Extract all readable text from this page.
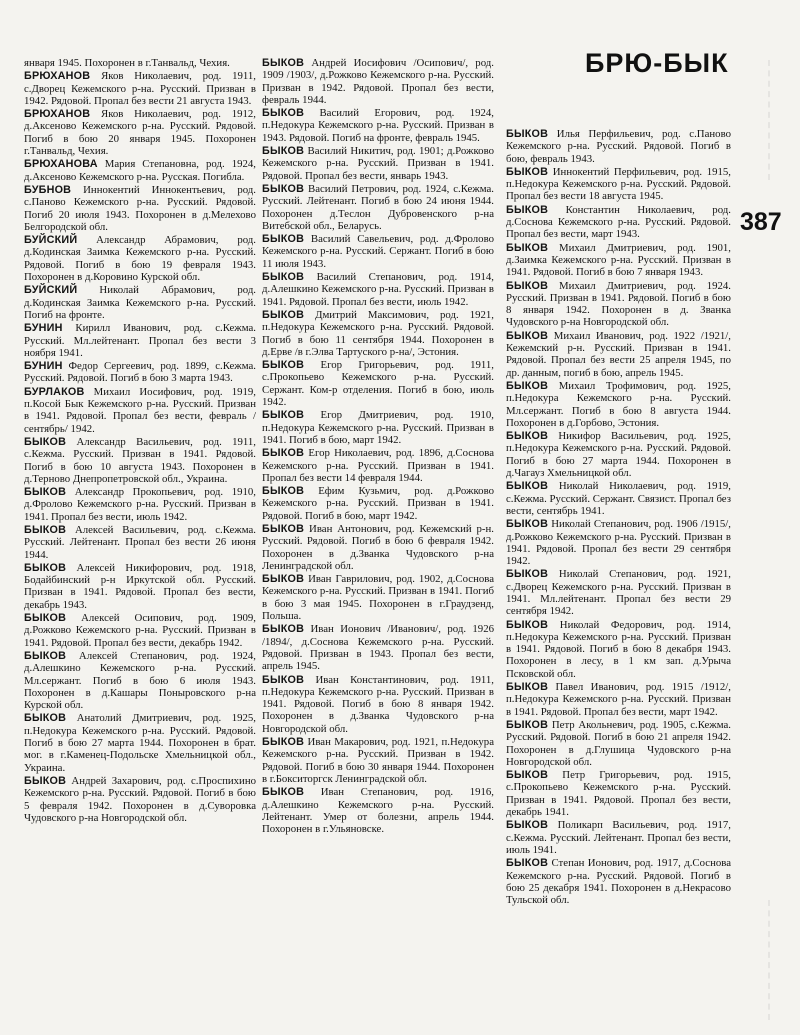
БРЮ-БЫК
387
января 1945. Похоронен в г.Танвальд, Чехия.
БРЮХАНОВ Яков Николаевич, род. 1911, с.Дворец Кежемского р-на. Русский. Призван в 1942. Рядовой. Пропал без вести 21 августа 1943.
БРЮХАНОВ Яков Николаевич, род. 1912, д.Аксеново Кежемского р-на. Русский. Рядовой. Погиб в бою 20 января 1945. Похоронен г.Танвальд, Чехия.
БРЮХАНОВА Мария Степановна, род. 1924, д.Аксеново Кежемского р-на. Русская. Погибла.
БУБНОВ Иннокентий Иннокентьевич, род. с.Паново Кежемского р-на. Русский. Рядовой. Погиб 20 июля 1943. Похоронен в д.Мелехово Белгородской обл.
БУЙСКИЙ Александр Абрамович, род. д.Кодинская Заимка Кежемского р-на. Русский. Рядовой. Погиб в бою 19 февраля 1943. Похоронен в д.Коровино Курской обл.
БУЙСКИЙ Николай Абрамович, род. д.Кодинская Заимка Кежемского р-на. Русский. Погиб на фронте.
БУНИН Кирилл Иванович, род. с.Кежма. Русский. Мл.лейтенант. Пропал без вести 3 ноября 1941.
БУНИН Федор Сергеевич, род. 1899, с.Кежма. Русский. Рядовой. Погиб в бою 3 марта 1943.
БУРЛАКОВ Михаил Иосифович, род. 1919, п.Косой Бык Кежемского р-на. Русский. Призван в 1941. Рядовой. Пропал без вести, февраль /сентябрь/ 1942.
БЫКОВ Александр Васильевич, род. 1911, с.Кежма. Русский. Призван в 1941. Рядовой. Погиб в бою 10 августа 1943. Похоронен в д.Терново Днепропетровской обл., Украина.
БЫКОВ Александр Прокопьевич, род. 1910, д.Фролово Кежемского р-на. Русский. Призван в 1941. Пропал без вести, июль 1942.
БЫКОВ Алексей Васильевич, род. с.Кежма. Русский. Лейтенант. Пропал без вести 26 июня 1944.
БЫКОВ Алексей Никифорович, род. 1918, Бодайбинский р-н Иркутской обл. Русский. Призван в 1941. Рядовой. Пропал без вести, декабрь 1943.
БЫКОВ Алексей Осипович, род. 1909, д.Рожково Кежемского р-на. Русский. Призван в 1941. Рядовой. Пропал без вести, декабрь 1942.
БЫКОВ Алексей Степанович, род. 1924, д.Алешкино Кежемского р-на. Русский. Мл.сержант. Погиб в бою 6 июля 1943. Похоронен в д.Кашары Поныровского р-на Курской обл.
БЫКОВ Анатолий Дмитриевич, род. 1925, п.Недокура Кежемского р-на. Русский. Рядовой. Погиб в бою 27 марта 1944. Похоронен в брат. мог. в г.Каменец-Подольске Хмельницкой обл., Украина.
БЫКОВ Андрей Захарович, род. с.Проспихино Кежемского р-на. Русский. Рядовой. Погиб в бою 5 февраля 1942. Похоронен в д.Суворовка Чудовского р-на Новгородской обл.
БЫКОВ Андрей Иосифович /Осипович/, род. 1909 /1903/, д.Рожково Кежемского р-на. Русский. Призван в 1942. Рядовой. Пропал без вести, февраль 1944.
БЫКОВ Василий Егорович, род. 1924, п.Недокура Кежемского р-на. Русский. Призван в 1943. Рядовой. Погиб на фронте, февраль 1945.
БЫКОВ Василий Никитич, род. 1901; д.Рожково Кежемского р-на. Русский. Призван в 1941. Рядовой. Пропал без вести, январь 1943.
БЫКОВ Василий Петрович, род. 1924, с.Кежма. Русский. Лейтенант. Погиб в бою 24 июня 1944. Похоронен д.Теслон Дубровенского р-на Витебской обл., Беларусь.
БЫКОВ Василий Савельевич, род. д.Фролово Кежемского р-на. Русский. Сержант. Погиб в бою 11 июля 1943.
БЫКОВ Василий Степанович, род. 1914, д.Алешкино Кежемского р-на. Русский. Призван в 1941. Рядовой. Пропал без вести, июль 1942.
БЫКОВ Дмитрий Максимович, род. 1921, п.Недокура Кежемского р-на. Русский. Рядовой. Погиб в бою 11 сентября 1944. Похоронен в д.Ерве /в г.Элва Тартуского р-на/, Эстония.
БЫКОВ Егор Григорьевич, род. 1911, с.Прокопьево Кежемского р-на. Русский. Сержант. Ком-р отделения. Погиб в бою, июль 1942.
БЫКОВ Егор Дмитриевич, род. 1910, п.Недокура Кежемского р-на. Русский. Призван в 1941. Погиб в бою, март 1942.
БЫКОВ Егор Николаевич, род. 1896, д.Соснова Кежемского р-на. Русский. Призван в 1941. Пропал без вести 14 февраля 1944.
БЫКОВ Ефим Кузьмич, род. д.Рожково Кежемского р-на. Русский. Призван в 1941. Рядовой. Погиб в бою, март 1942.
БЫКОВ Иван Антонович, род. Кежемский р-н. Русский. Рядовой. Погиб в бою 6 февраля 1942. Похоронен в д.Званка Чудовского р-на Ленинградской обл.
БЫКОВ Иван Гаврилович, род. 1902, д.Соснова Кежемского р-на. Русский. Призван в 1941. Погиб в бою 3 мая 1945. Похоронен в г.Граудзенд, Польша.
БЫКОВ Иван Ионович /Иванович/, род. 1926 /1894/, д.Соснова Кежемского р-на. Русский. Рядовой. Призван в 1943. Пропал без вести, апрель 1945.
БЫКОВ Иван Константинович, род. 1911, п.Недокура Кежемского р-на. Русский. Призван в 1941. Рядовой. Погиб в бою 8 января 1942. Похоронен в д.Званка Чудовского р-на Новгородской обл.
БЫКОВ Иван Макарович, род. 1921, п.Недокура Кежемского р-на. Русский. Призван в 1942. Рядовой. Погиб в бою 30 января 1944. Похоронен в г.Бокситоргск Ленинградской обл.
БЫКОВ Иван Степанович, род. 1916, д.Алешкино Кежемского р-на. Русский. Лейтенант. Умер от болезни, апрель 1944. Похоронен в г.Ульяновске.
БЫКОВ Илья Перфильевич, род. с.Паново Кежемского р-на. Русский. Рядовой. Погиб в бою, февраль 1943.
БЫКОВ Иннокентий Перфильевич, род. 1915, п.Недокура Кежемского р-на. Русский. Рядовой. Пропал без вести 18 августа 1945.
БЫКОВ Константин Николаевич, род. д.Соснова Кежемского р-на. Русский. Рядовой. Пропал без вести, март 1943.
БЫКОВ Михаил Дмитриевич, род. 1901, д.Заимка Кежемского р-на. Русский. Призван в 1941. Рядовой. Погиб в бою 7 января 1943.
БЫКОВ Михаил Дмитриевич, род. 1924. Русский. Призван в 1941. Рядовой. Погиб в бою 8 января 1942. Похоронен в д. Званка Чудовского р-на Новгородской обл.
БЫКОВ Михаил Иванович, род. 1922 /1921/, Кежемский р-н. Русский. Призван в 1941. Рядовой. Пропал без вести 25 апреля 1945, по др. данным, погиб в бою, апрель 1945.
БЫКОВ Михаил Трофимович, род. 1925, п.Недокура Кежемского р-на. Русский. Мл.сержант. Погиб в бою 8 августа 1944. Похоронен в д.Горбово, Эстония.
БЫКОВ Никифор Васильевич, род. 1925, п.Недокура Кежемского р-на. Русский. Рядовой. Погиб в бою 27 марта 1944. Похоронен в д.Чагауз Хмельницкой обл.
БЫКОВ Николай Николаевич, род. 1919, с.Кежма. Русский. Сержант. Связист. Пропал без вести, сентябрь 1941.
БЫКОВ Николай Степанович, род. 1906 /1915/, д.Рожково Кежемского р-на. Русский. Призван в 1941. Рядовой. Пропал без вести 29 сентября 1942.
БЫКОВ Николай Степанович, род. 1921, с.Дворец Кежемского р-на. Русский. Призван в 1941. Мл.лейтенант. Пропал без вести 29 сентября 1942.
БЫКОВ Николай Федорович, род. 1914, п.Недокура Кежемского р-на. Русский. Призван в 1941. Рядовой. Погиб в бою 8 декабря 1943. Похоронен в лесу, в 1 км зап. д.Урыча Псковской обл.
БЫКОВ Павел Иванович, род. 1915 /1912/, п.Недокура Кежемского р-на. Русский. Призван в 1941. Рядовой. Пропал без вести, март 1942.
БЫКОВ Петр Акольневич, род. 1905, с.Кежма. Русский. Рядовой. Погиб в бою 21 апреля 1942. Похоронен в д.Глушица Чудовского р-на Новгородской обл.
БЫКОВ Петр Григорьевич, род. 1915, с.Прокопьево Кежемского р-на. Русский. Призван в 1941. Рядовой. Пропал без вести, декабрь 1941.
БЫКОВ Поликарп Васильевич, род. 1917, с.Кежма. Русский. Лейтенант. Пропал без вести, июль 1941.
БЫКОВ Степан Ионович, род. 1917, д.Соснова Кежемского р-на. Русский. Рядовой. Погиб в бою 25 декабря 1941. Похоронен в д.Некрасово Тульской обл.
